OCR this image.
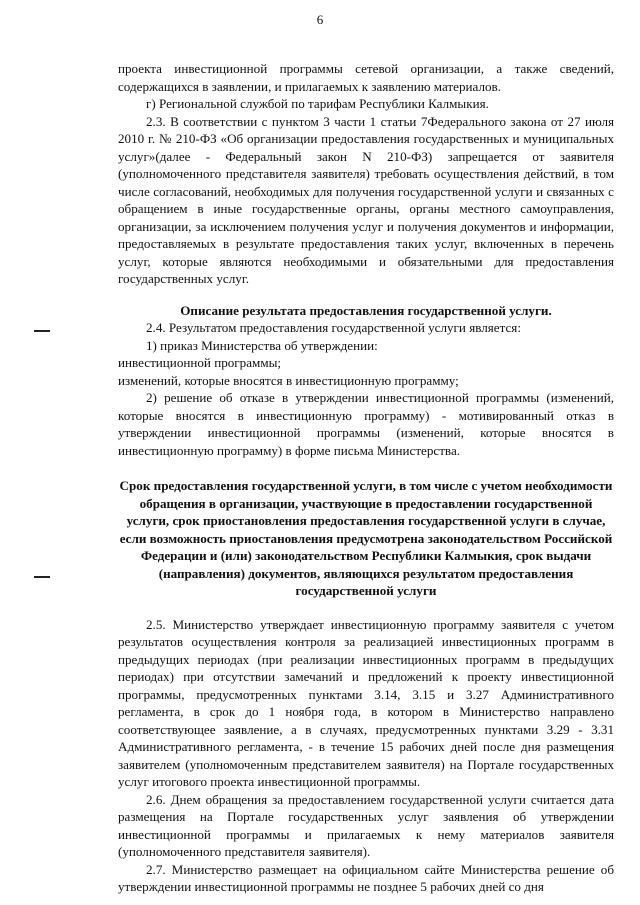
6

проекта инвестиционной программы сетевой организации, а также сведений, содержащихся в заявлении, и прилагаемых к заявлению материалов.

г) Региональной службой по тарифам Республики Калмыкия.

2.3. В соответствии с пунктом 3 части 1 статьи 7Федерального закона от 27 июля 2010 г. № 210-ФЗ «Об организации предоставления государственных и муниципальных услуг»(далее - Федеральный закон N 210-ФЗ) запрещается от заявителя (уполномоченного представителя заявителя) требовать осуществления действий, в том числе согласований, необходимых для получения государственной услуги и связанных с обращением в иные государственные органы, органы местного самоуправления, организации, за исключением получения услуг и получения документов и информации, предоставляемых в результате предоставления таких услуг, включенных в перечень услуг, которые являются необходимыми и обязательными для предоставления государственных услуг.

Описание результата предоставления государственной услуги.

2.4. Результатом предоставления государственной услуги является:

1) приказ Министерства об утверждении:

инвестиционной программы;

изменений, которые вносятся в инвестиционную программу;

2) решение об отказе в утверждении инвестиционной программы (изменений, которые вносятся в инвестиционную программу) - мотивированный отказ в утверждении инвестиционной программы (изменений, которые вносятся в инвестиционную программу) в форме письма Министерства.

Срок предоставления государственной услуги, в том числе с учетом необходимости обращения в организации, участвующие в предоставлении государственной услуги, срок приостановления предоставления государственной услуги в случае, если возможность приостановления предусмотрена законодательством Российской Федерации и (или) законодательством Республики Калмыкия, срок выдачи (направления) документов, являющихся результатом предоставления государственной услуги

2.5. Министерство утверждает инвестиционную программу заявителя с учетом результатов осуществления контроля за реализацией инвестиционных программ в предыдущих периодах (при реализации инвестиционных программ в предыдущих периодах) при отсутствии замечаний и предложений к проекту инвестиционной программы, предусмотренных пунктами 3.14, 3.15 и 3.27 Административного регламента, в срок до 1 ноября года, в котором в Министерство направлено соответствующее заявление, а в случаях, предусмотренных пунктами 3.29 - 3.31 Административного регламента, - в течение 15 рабочих дней после дня размещения заявителем (уполномоченным представителем заявителя) на Портале государственных услуг итогового проекта инвестиционной программы.

2.6. Днем обращения за предоставлением государственной услуги считается дата размещения на Портале государственных услуг заявления об утверждении инвестиционной программы и прилагаемых к нему материалов заявителя (уполномоченного представителя заявителя).

2.7. Министерство размещает на официальном сайте Министерства решение об утверждении инвестиционной программы не позднее 5 рабочих дней со дня
